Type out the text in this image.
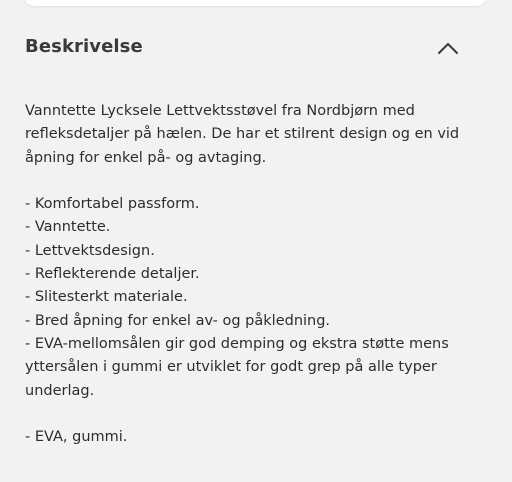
Beskrivelse

Vanntette Lycksele Lettvektsstøvel fra Nordbjørn med refleksdetaljer på hælen. De har et stilrent design og en vid åpning for enkel på- og avtaging.

- Komfortabel passform.
- Vanntette.
- Lettvektsdesign.
- Reflekterende detaljer.
- Slitesterkt materiale.
- Bred åpning for enkel av- og påkledning.
- EVA-mellomsålen gir god demping og ekstra støtte mens yttersålen i gummi er utviklet for godt grep på alle typer underlag.

- EVA, gummi.
